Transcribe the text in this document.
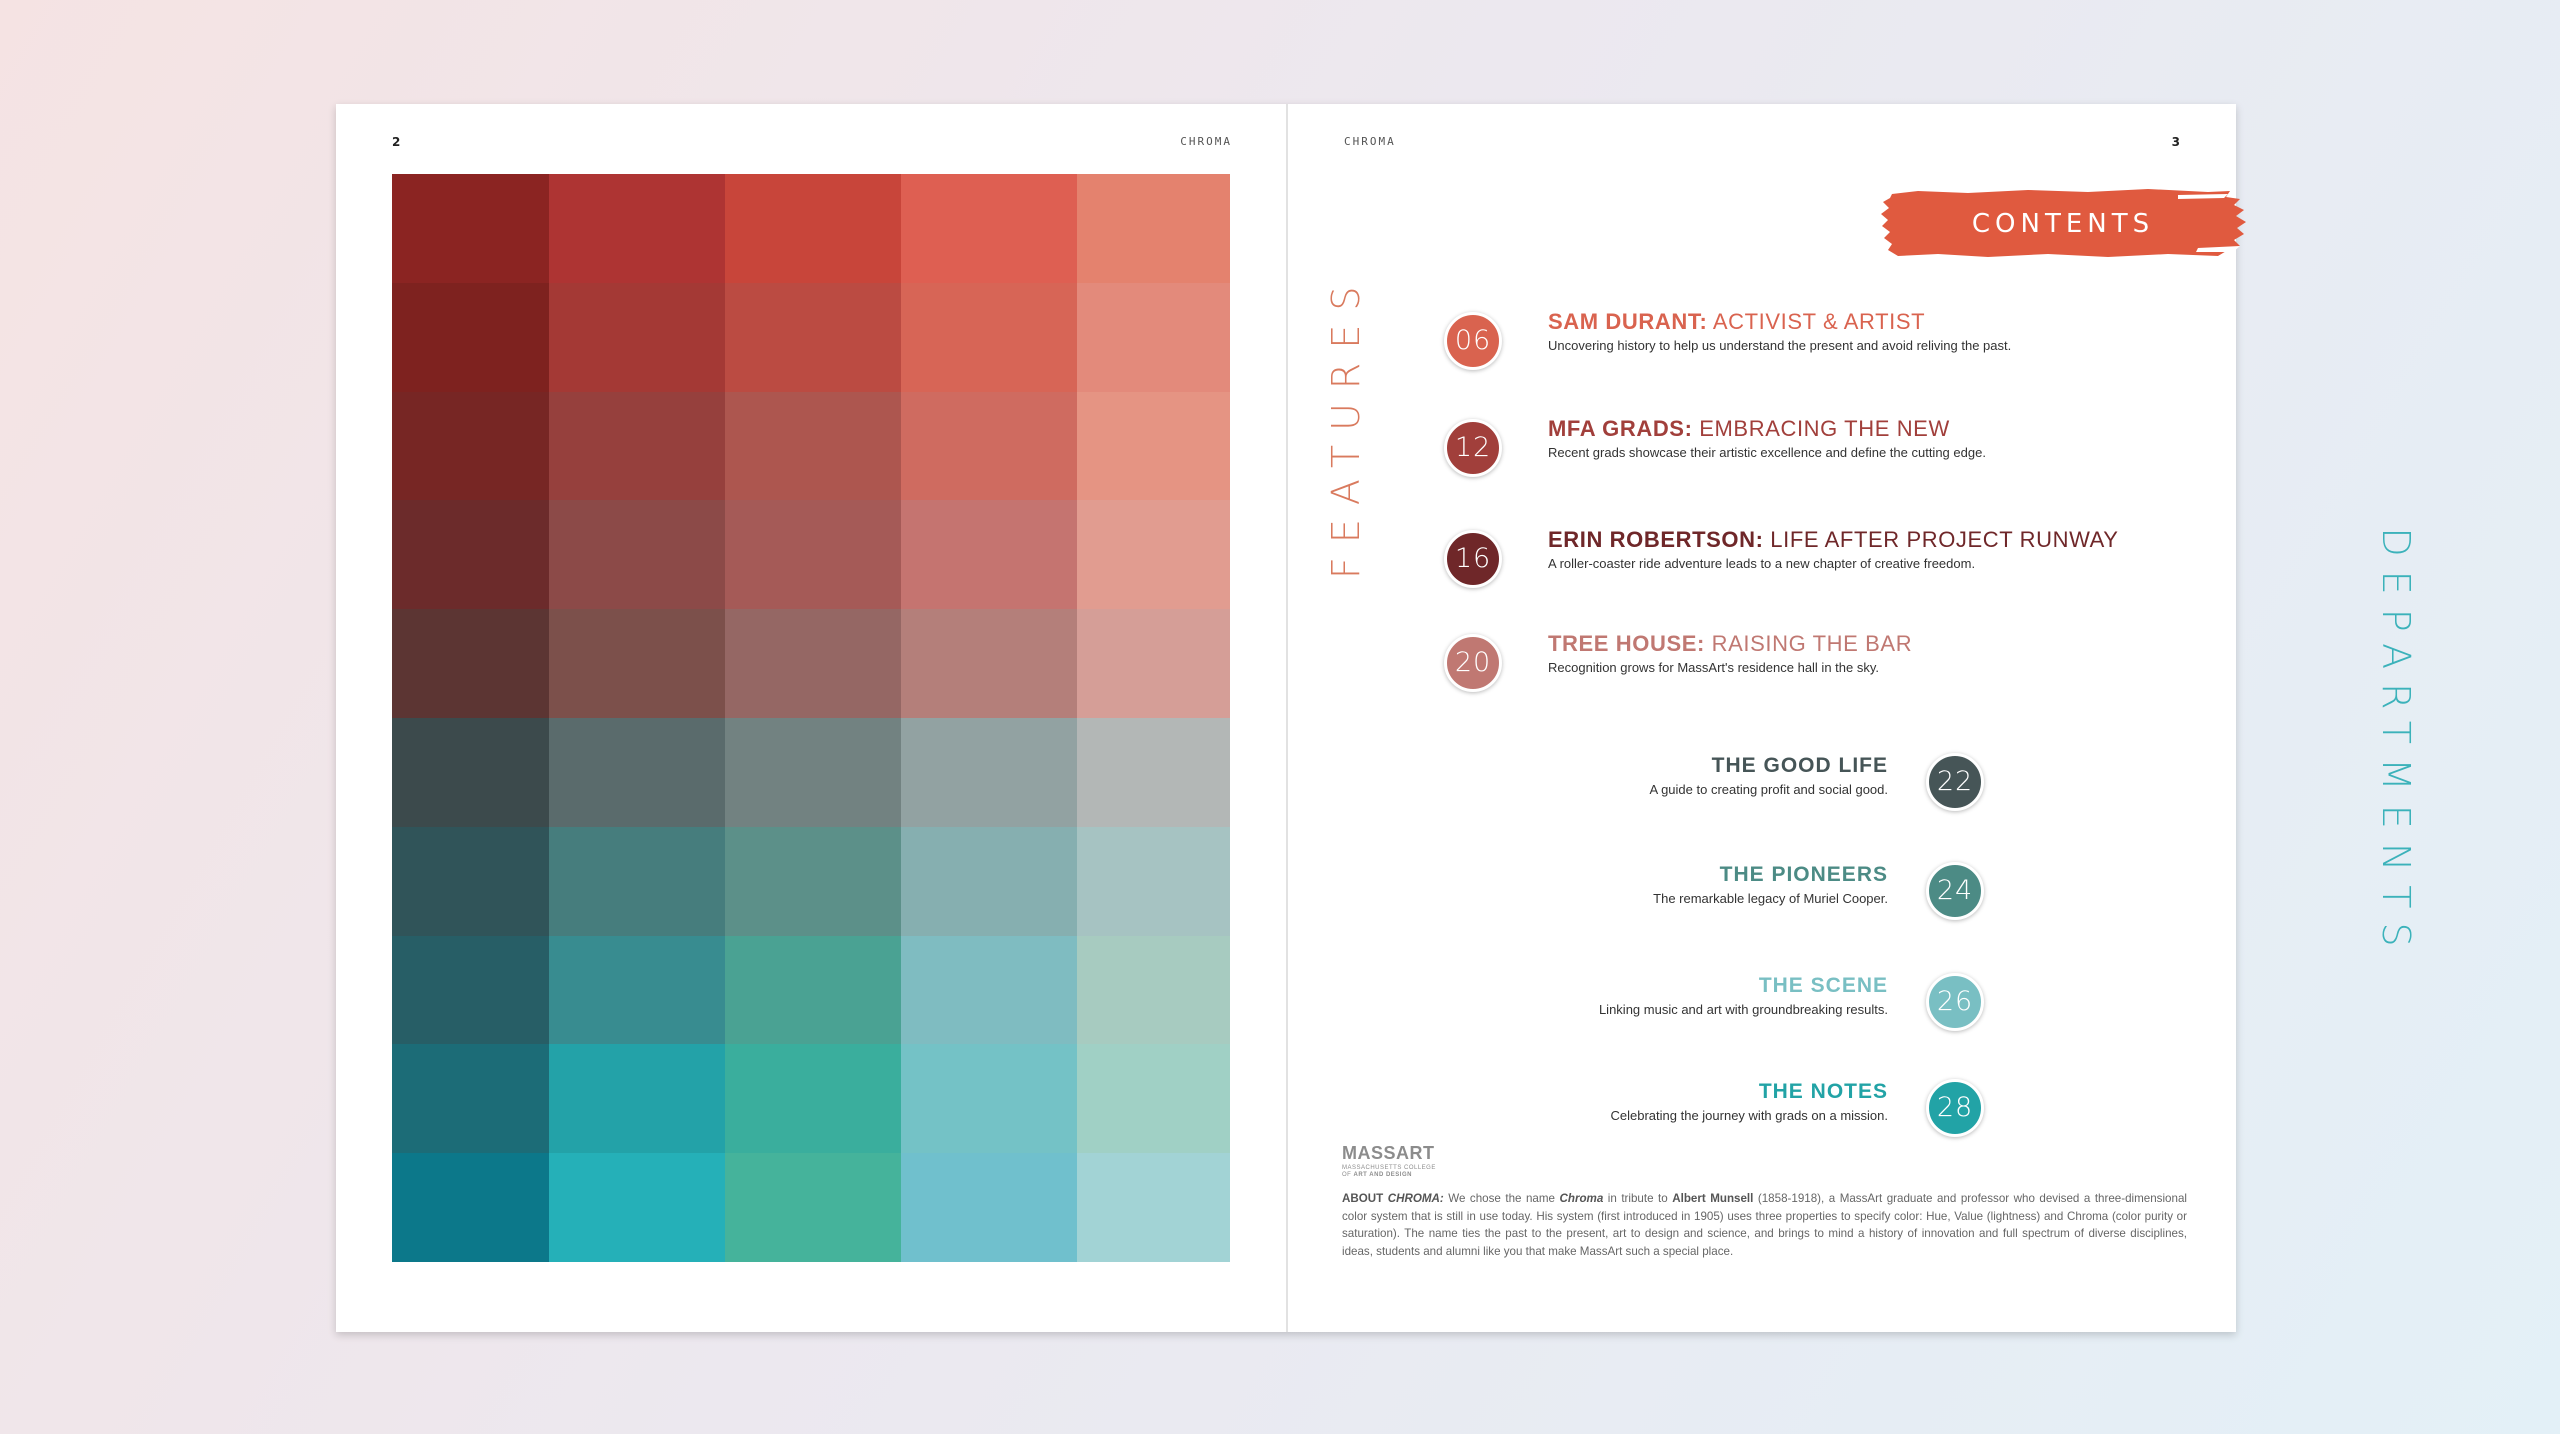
2	CHROMA	CHROMA	3
CONTENTS
FEATURES
DEPARTMENTS
06
SAM DURANT: ACTIVIST & ARTIST
Uncovering history to help us understand the present and avoid reliving the past.
12
MFA GRADS: EMBRACING THE NEW
Recent grads showcase their artistic excellence and define the cutting edge.
16
ERIN ROBERTSON: LIFE AFTER PROJECT RUNWAY
A roller-coaster ride adventure leads to a new chapter of creative freedom.
20
TREE HOUSE: RAISING THE BAR
Recognition grows for MassArt's residence hall in the sky.
22
THE GOOD LIFE
A guide to creating profit and social good.
24
THE PIONEERS
The remarkable legacy of Muriel Cooper.
26
THE SCENE
Linking music and art with groundbreaking results.
28
THE NOTES
Celebrating the journey with grads on a mission.
MASSART
MASSACHUSETTS COLLEGE
OF ART AND DESIGN
ABOUT CHROMA: We chose the name Chroma in tribute to Albert Munsell (1858-1918), a MassArt graduate and professor who devised a three-dimensional color system that is still in use today. His system (first introduced in 1905) uses three properties to specify color: Hue, Value (lightness) and Chroma (color purity or saturation). The name ties the past to the present, art to design and science, and brings to mind a history of innovation and full spectrum of diverse disciplines, ideas, students and alumni like you that make MassArt such a special place.
